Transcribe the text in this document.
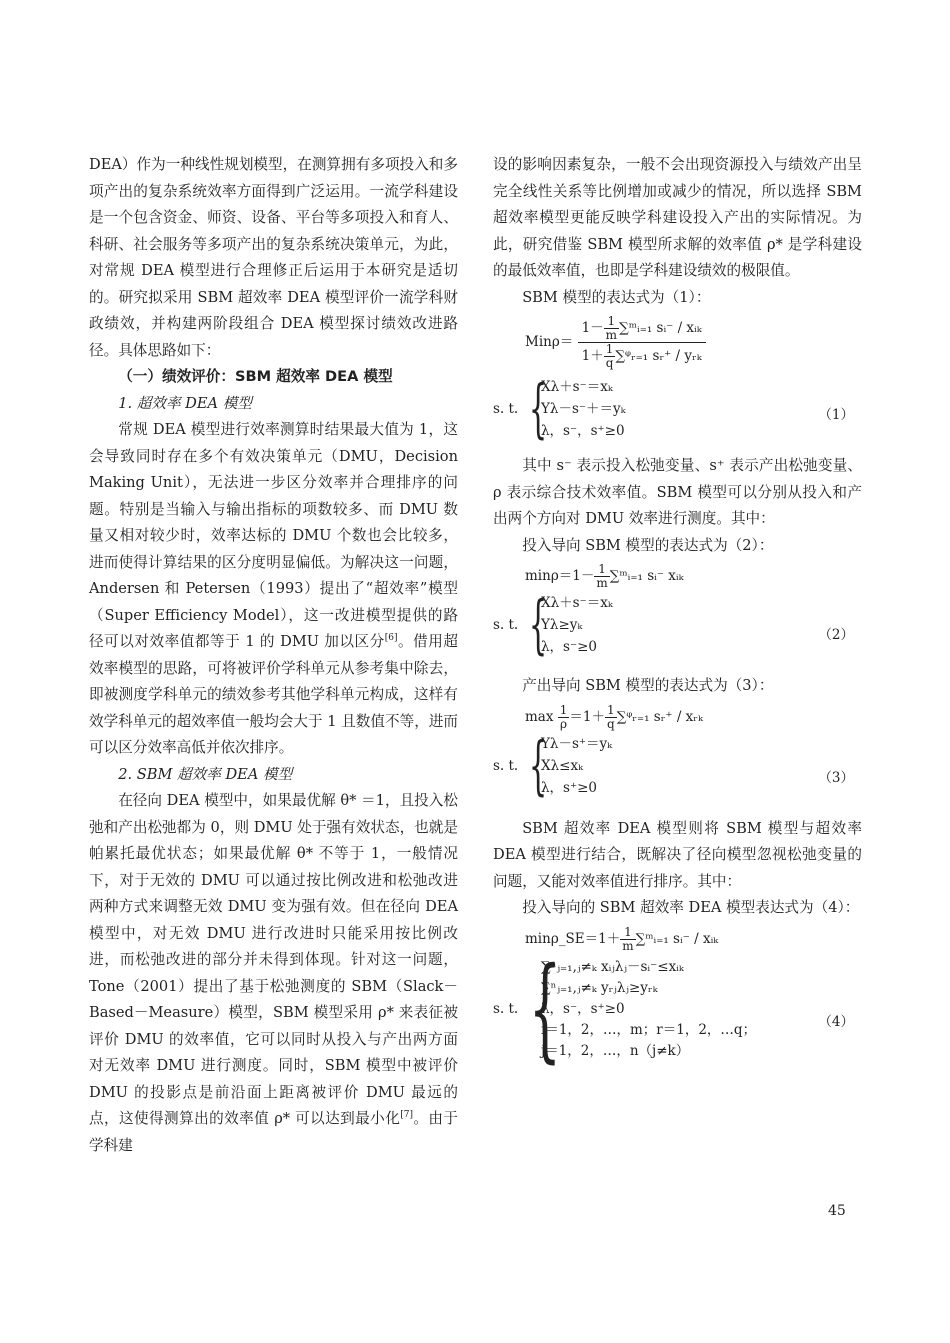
DEA）作为一种线性规划模型，在测算拥有多项投入和多项产出的复杂系统效率方面得到广泛运用。一流学科建设是一个包含资金、师资、设备、平台等多项投入和育人、科研、社会服务等多项产出的复杂系统决策单元，为此，对常规 DEA 模型进行合理修正后运用于本研究是适切的。研究拟采用 SBM 超效率 DEA 模型评价一流学科财政绩效，并构建两阶段组合 DEA 模型探讨绩效改进路径。具体思路如下：

（一）绩效评价：SBM 超效率 DEA 模型

1. 超效率 DEA 模型

常规 DEA 模型进行效率测算时结果最大值为 1，这会导致同时存在多个有效决策单元（DMU，Decision Making Unit），无法进一步区分效率并合理排序的问题。特别是当输入与输出指标的项数较多、而 DMU 数量又相对较少时，效率达标的 DMU 个数也会比较多，进而使得计算结果的区分度明显偏低。为解决这一问题，Andersen 和 Petersen（1993）提出了“超效率”模型（Super Efficiency Model），这一改进模型提供的路径可以对效率值都等于 1 的 DMU 加以区分[6]。借用超效率模型的思路，可将被评价学科单元从参考集中除去，即被测度学科单元的绩效参考其他学科单元构成，这样有效学科单元的超效率值一般均会大于 1 且数值不等，进而可以区分效率高低并依次排序。

2. SBM 超效率 DEA 模型

在径向 DEA 模型中，如果最优解 θ* ＝1，且投入松弛和产出松弛都为 0，则 DMU 处于强有效状态，也就是帕累托最优状态；如果最优解 θ* 不等于 1，一般情况下，对于无效的 DMU 可以通过按比例改进和松弛改进两种方式来调整无效 DMU 变为强有效。但在径向 DEA 模型中，对无效 DMU 进行改进时只能采用按比例改进，而松弛改进的部分并未得到体现。针对这一问题，Tone（2001）提出了基于松弛测度的 SBM（Slack－Based－Measure）模型，SBM 模型采用 ρ* 来表征被评价 DMU 的效率值，它可以同时从投入与产出两方面对无效率 DMU 进行测度。同时，SBM 模型中被评价 DMU 的投影点是前沿面上距离被评价 DMU 最远的点，这使得测算出的效率值 ρ* 可以达到最小化[7]。由于学科建

设的影响因素复杂，一般不会出现资源投入与绩效产出呈完全线性关系等比例增加或减少的情况，所以选择 SBM 超效率模型更能反映学科建设投入产出的实际情况。为此，研究借鉴 SBM 模型所求解的效率值 ρ* 是学科建设的最低效率值，也即是学科建设绩效的极限值。

SBM 模型的表达式为（1）：

$Min\rho= \frac{1- \frac{1}{m} \sum ᵐᵢ_{=1} sᵢ^- / xᵢ_k}{1+ \frac{1}{q} \sum ᵠᵣ_{=1} sᵣ^+ / yᵣ_k}$
s. t. {
Xλ＋s⁻＝xₖ
Yλ－s⁻＋＝yₖ
λ，s⁻，s⁺≥0
（1）

其中 s⁻ 表示投入松弛变量、s⁺ 表示产出松弛变量、ρ 表示综合技术效率值。SBM 模型可以分别从投入和产出两个方向对 DMU 效率进行测度。其中：

投入导向 SBM 模型的表达式为（2）：

$\min\rho=1- \frac{1}{m}$ ∑ᵐᵢ₌₁ sᵢ⁻ xᵢₖ
s. t. {
Xλ＋s⁻＝xₖ
Yλ≥yₖ
λ，s⁻≥0
（2）

产出导向 SBM 模型的表达式为（3）：

$\max \frac{1}{\rho} =1+ \frac{1}{q}$ ∑ᵠᵣ₌₁ sᵣ⁺ / xᵣₖ
s. t. {
Yλ－s⁺＝yₖ
Xλ≤xₖ
λ，s⁺≥0
（3）

SBM 超效率 DEA 模型则将 SBM 模型与超效率 DEA 模型进行结合，既解决了径向模型忽视松弛变量的问题，又能对效率值进行排序。其中：

投入导向的 SBM 超效率 DEA 模型表达式为（4）：

minρ_SE＝1＋ $\frac{1}{m}$ ∑ᵐᵢ₌₁ sᵢ⁻ / xᵢₖ
s. t. {
∑ⁿⱼ₌₁,ⱼ≠ₖ xᵢⱼλⱼ－sᵢ⁻≤xᵢₖ
∑ⁿⱼ₌₁,ⱼ≠ₖ yᵣⱼλⱼ≥yᵣₖ
λ，s⁻，s⁺≥0
i＝1，2，…，m；r＝1，2，…q；
j＝1，2，…，n（j≠k）
（4）
45
